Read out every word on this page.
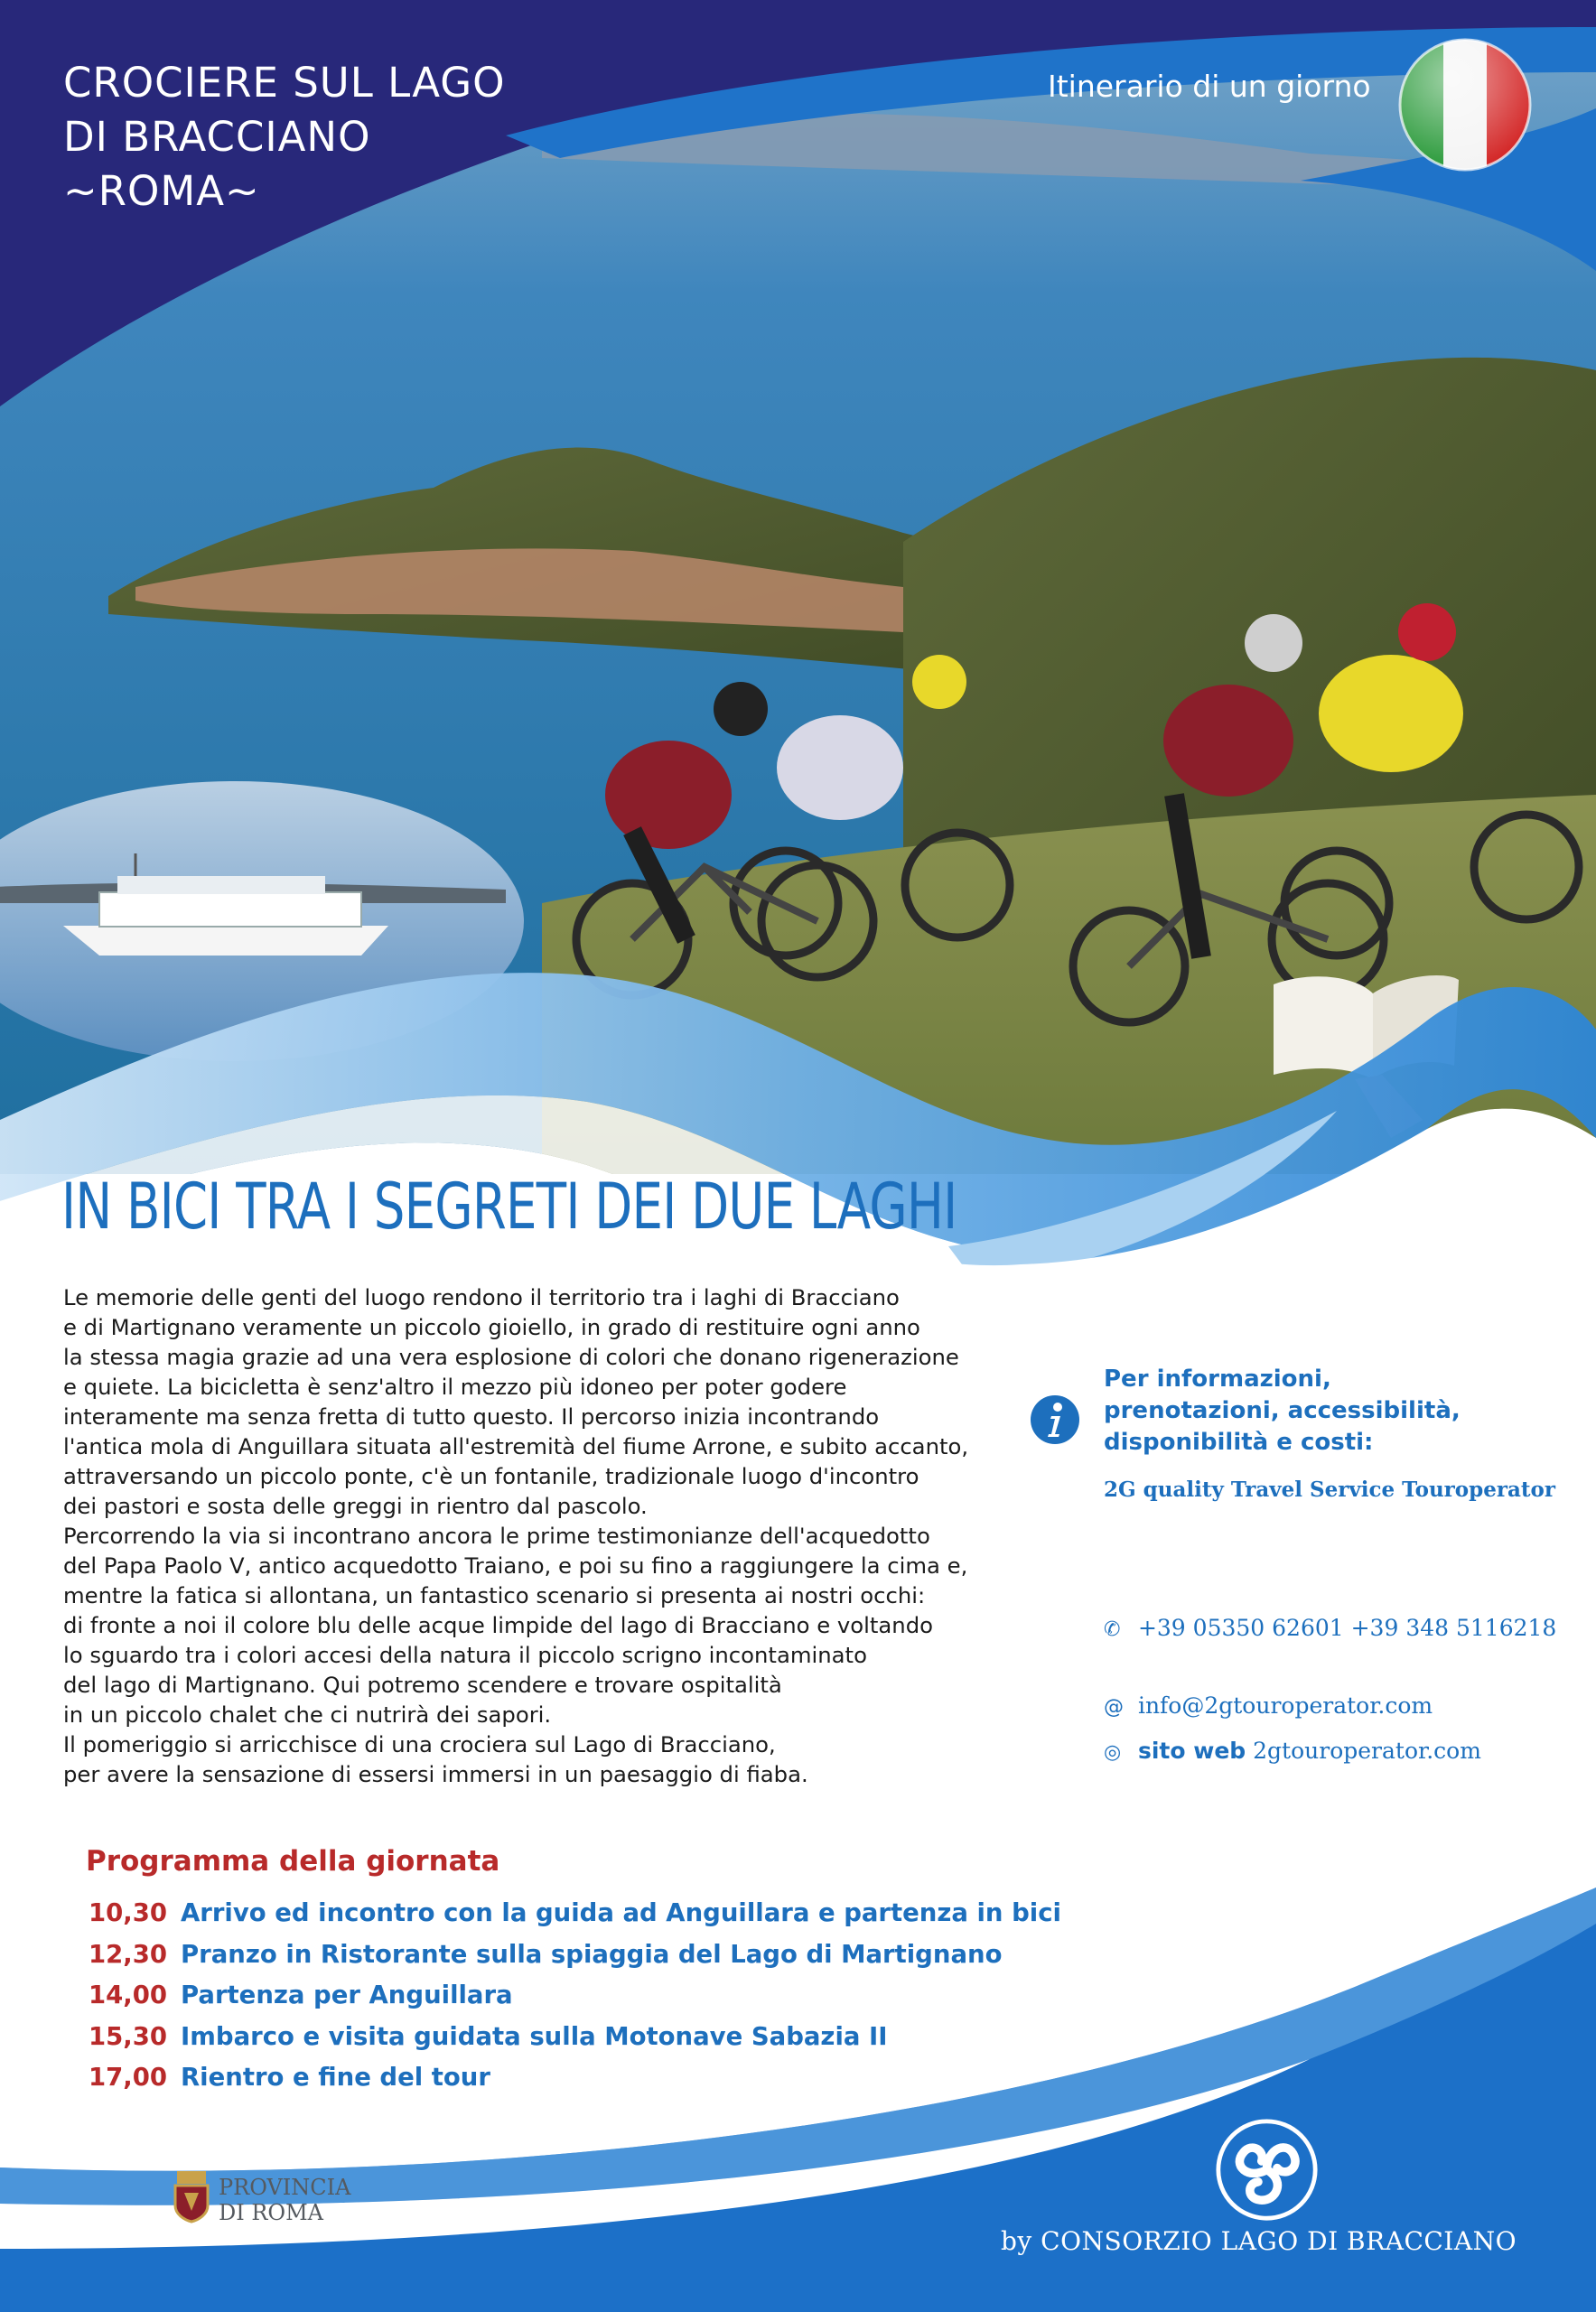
CROCIERE SUL LAGO
DI BRACCIANO
~ROMA~
Itinerario di un giorno
IN BICI TRA I SEGRETI DEI DUE LAGHI
Le memorie delle genti del luogo rendono il territorio tra i laghi di Bracciano
e di Martignano veramente un piccolo gioiello, in grado di restituire ogni anno
la stessa magia grazie ad una vera esplosione di colori che donano rigenerazione
e quiete. La bicicletta è senz'altro il mezzo più idoneo per poter godere
interamente ma senza fretta di tutto questo. Il percorso inizia incontrando
l'antica mola di Anguillara situata all'estremità del fiume Arrone, e subito accanto,
attraversando un piccolo ponte, c'è un fontanile, tradizionale luogo d'incontro
dei pastori e sosta delle greggi in rientro dal pascolo.
Percorrendo la via si incontrano ancora le prime testimonianze dell'acquedotto
del Papa Paolo V, antico acquedotto Traiano, e poi su fino a raggiungere la cima e,
mentre la fatica si allontana, un fantastico scenario si presenta ai nostri occhi:
di fronte a noi il colore blu delle acque limpide del lago di Bracciano e voltando
lo sguardo tra i colori accesi della natura il piccolo scrigno incontaminato
del lago di Martignano. Qui potremo scendere e trovare ospitalità
in un piccolo chalet che ci nutrirà dei sapori.
Il pomeriggio si arricchisce di una crociera sul Lago di Bracciano,
per avere la sensazione di essersi immersi in un paesaggio di fiaba.
Per informazioni,
prenotazioni, accessibilità,
disponibilità e costi:
2G quality Travel Service Touroperator
✆ +39 05350 62601 +39 348 5116218
@ info@2gtouroperator.com
◎ sito web 2gtouroperator.com
Programma della giornata
10,30 Arrivo ed incontro con la guida ad Anguillara e partenza in bici
12,30 Pranzo in Ristorante sulla spiaggia del Lago di Martignano
14,00 Partenza per Anguillara
15,30 Imbarco e visita guidata sulla Motonave Sabazia II
17,00 Rientro e fine del tour
PROVINCIA
DI ROMA
by CONSORZIO LAGO DI BRACCIANO
